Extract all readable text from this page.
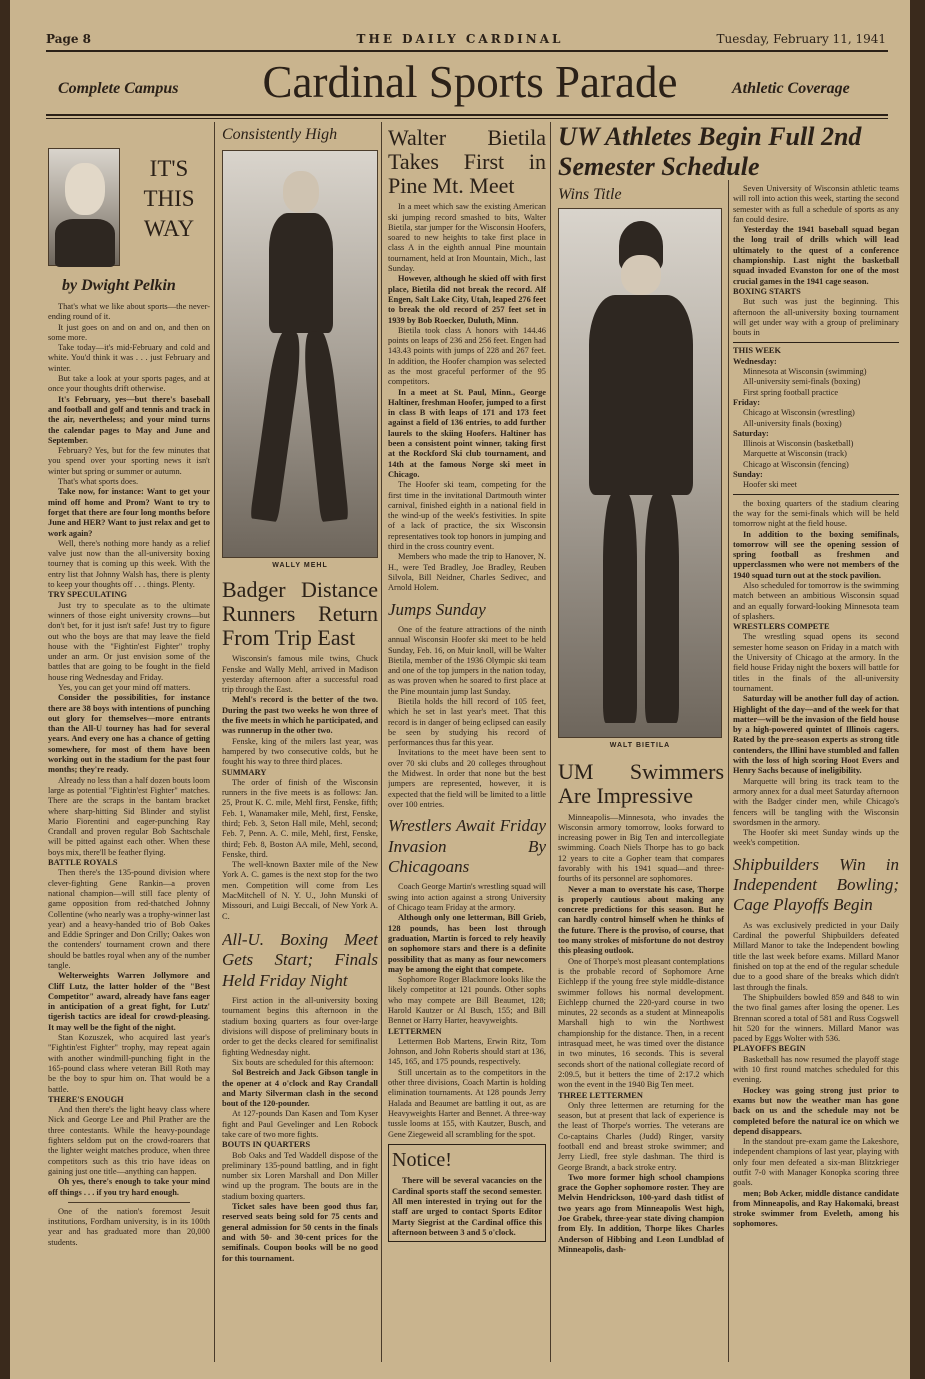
Page 8	THE DAILY CARDINAL	Tuesday, February 11, 1941
Complete Campus	Cardinal Sports Parade	Athletic Coverage
IT'S
THIS
WAY
by Dwight Pelkin

That's what we like about sports—the never-ending round of it.

It just goes on and on and on, and then on some more.

Take today—it's mid-February and cold and white. You'd think it was . . . just February and winter.

But take a look at your sports pages, and at once your thoughts drift otherwise.

It's February, yes—but there's baseball and football and golf and tennis and track in the air, nevertheless; and your mind turns the calendar pages to May and June and September.

February? Yes, but for the few minutes that you spend over your sporting news it isn't winter but spring or summer or autumn.

That's what sports does.

Take now, for instance: Want to get your mind off home and Prom? Want to try to forget that there are four long months before June and HER? Want to just relax and get to work again?

Well, there's nothing more handy as a relief valve just now than the all-university boxing tourney that is coming up this week. With the entry list that Johnny Walsh has, there is plenty to keep your thoughts off . . . things. Plenty.

TRY SPECULATING

Just try to speculate as to the ultimate winners of those eight university crowns—but don't bet, for it just isn't safe! Just try to figure out who the boys are that may leave the field house with the "Fightin'est Fighter" trophy under an arm. Or just envision some of the battles that are going to be fought in the field house ring Wednesday and Friday.

Yes, you can get your mind off matters.

Consider the possibilities, for instance there are 38 boys with intentions of punching out glory for themselves—more entrants than the All-U tourney has had for several years. And every one has a chance of getting somewhere, for most of them have been working out in the stadium for the past four months; they're ready.

Already no less than a half dozen bouts loom large as potential "Fightin'est Fighter" matches. There are the scraps in the bantam bracket where sharp-hitting Sid Blinder and stylist Mario Fiorentini and eager-punching Ray Crandall and proven regular Bob Sachtschale will be pitted against each other. When these boys mix, there'll be feather flying.

BATTLE ROYALS

Then there's the 135-pound division where clever-fighting Gene Rankin—a proven national champion—will still face plenty of game opposition from red-thatched Johnny Collentine (who nearly was a trophy-winner last year) and a heavy-handed trio of Bob Oakes and Eddie Springer and Don Crilly; Oakes won the contenders' tournament crown and there should be battles royal when any of the number tangle.

Welterweights Warren Jollymore and Cliff Lutz, the latter holder of the "Best Competitor" award, already have fans eager in anticipation of a great fight, for Lutz' tigerish tactics are ideal for crowd-pleasing. It may well be the fight of the night.

Stan Kozuszek, who acquired last year's "Fightin'est Fighter" trophy, may repeat again with another windmill-punching fight in the 165-pound class where veteran Bill Roth may be the boy to spur him on. That would be a battle.

THERE'S ENOUGH

And then there's the light heavy class where Nick and George Lee and Phil Prather are the three contestants. While the heavy-poundage fighters seldom put on the crowd-roarers that the lighter weight matches produce, when three competitors such as this trio have ideas on gaining just one title—anything can happen.

Oh yes, there's enough to take your mind off things . . . if you try hard enough.

One of the nation's foremost Jesuit institutions, Fordham university, is in its 100th year and has graduated more than 20,000 students.

Consistently High
WALLY MEHL
Badger Distance Runners Return From Trip East

Wisconsin's famous mile twins, Chuck Fenske and Wally Mehl, arrived in Madison yesterday afternoon after a successful road trip through the East.

Mehl's record is the better of the two. During the past two weeks he won three of the five meets in which he participated, and was runnerup in the other two.

Fenske, king of the milers last year, was hampered by two consecutive colds, but he fought his way to three third places.

SUMMARY

The order of finish of the Wisconsin runners in the five meets is as follows: Jan. 25, Prout K. C. mile, Mehl first, Fenske, fifth; Feb. 1, Wanamaker mile, Mehl, first, Fenske, third; Feb. 3, Seton Hall mile, Mehl, second; Feb. 7, Penn. A. C. mile, Mehl, first, Fenske, third; Feb. 8, Boston AA mile, Mehl, second, Fenske, third.

The well-known Baxter mile of the New York A. C. games is the next stop for the two men. Competition will come from Les MacMitchell of N. Y. U., John Munski of Missouri, and Luigi Beccali, of New York A. C.

All-U. Boxing Meet Gets Start; Finals Held Friday Night

First action in the all-university boxing tournament begins this afternoon in the stadium boxing quarters as four over-large divisions will dispose of preliminary bouts in order to get the decks cleared for semifinalist fighting Wednesday night.

Six bouts are scheduled for this afternoon:

Sol Bestreich and Jack Gibson tangle in the opener at 4 o'clock and Ray Crandall and Marty Silverman clash in the second bout of the 120-pounder.

At 127-pounds Dan Kasen and Tom Kyser fight and Paul Gevelinger and Len Robock take care of two more fights.

BOUTS IN QUARTERS

Bob Oaks and Ted Waddell dispose of the preliminary 135-pound battling, and in fight number six Loren Marshall and Don Miller wind up the program. The bouts are in the stadium boxing quarters.

Ticket sales have been good thus far, reserved seats being sold for 75 cents and general admission for 50 cents in the finals and with 50- and 30-cent prices for the semifinals. Coupon books will be no good for this tournament.

Walter Bietila Takes First in Pine Mt. Meet

In a meet which saw the existing American ski jumping record smashed to bits, Walter Bietila, star jumper for the Wisconsin Hoofers, soared to new heights to take first place in class A in the eighth annual Pine mountain tournament, held at Iron Mountain, Mich., last Sunday.

However, although he skied off with first place, Bietila did not break the record. Alf Engen, Salt Lake City, Utah, leaped 276 feet to break the old record of 257 feet set in 1939 by Bob Roecker, Duluth, Minn.

Bietila took class A honors with 144.46 points on leaps of 236 and 256 feet. Engen had 143.43 points with jumps of 228 and 267 feet. In addition, the Hoofer champion was selected as the most graceful performer of the 95 competitors.

In a meet at St. Paul, Minn., George Haltiner, freshman Hoofer, jumped to a first in class B with leaps of 171 and 173 feet against a field of 136 entries, to add further laurels to the skiing Hoofers. Haltiner has been a consistent point winner, taking first at the Rockford Ski club tournament, and 14th at the famous Norge ski meet in Chicago.

The Hoofer ski team, competing for the first time in the invitational Dartmouth winter carnival, finished eighth in a national field in the wind-up of the week's festivities. In spite of a lack of practice, the six Wisconsin representatives took top honors in jumping and third in the cross country event.

Members who made the trip to Hanover, N. H., were Ted Bradley, Joe Bradley, Reuben Silvola, Bill Neidner, Charles Sedivec, and Arnold Holem.

Jumps Sunday

One of the feature attractions of the ninth annual Wisconsin Hoofer ski meet to be held Sunday, Feb. 16, on Muir knoll, will be Walter Bietila, member of the 1936 Olympic ski team and one of the top jumpers in the nation today, as was proven when he soared to first place at the Pine mountain jump last Sunday.

Bietila holds the hill record of 105 feet, which he set in last year's meet. That this record is in danger of being eclipsed can easily be seen by studying his record of performances thus far this year.

Invitations to the meet have been sent to over 70 ski clubs and 20 colleges throughout the Midwest. In order that none but the best jumpers are represented, however, it is expected that the field will be limited to a little over 100 entries.

Wrestlers Await Friday Invasion By Chicagoans

Coach George Martin's wrestling squad will swing into action against a strong University of Chicago team Friday at the armory.

Although only one letterman, Bill Grieb, 128 pounds, has been lost through graduation, Martin is forced to rely heavily on sophomore stars and there is a definite possibility that as many as four newcomers may be among the eight that compete.

Sophomore Roger Blackmore looks like the likely competitor at 121 pounds. Other sophs who may compete are Bill Beaumet, 128; Harold Kautzer or Al Busch, 155; and Bill Bennet or Harry Harter, heavyweights.

LETTERMEN

Lettermen Bob Martens, Erwin Ritz, Tom Johnson, and John Roberts should start at 136, 145, 165, and 175 pounds, respectively.

Still uncertain as to the competitors in the other three divisions, Coach Martin is holding elimination tournaments. At 128 pounds Jerry Halada and Beaumet are battling it out, as are Heavyweights Harter and Bennet. A three-way tussle looms at 155, with Kautzer, Busch, and Gene Ziegeweid all scrambling for the spot.

Notice!

There will be several vacancies on the Cardinal sports staff the second semester. All men interested in trying out for the staff are urged to contact Sports Editor Marty Siegrist at the Cardinal office this afternoon between 3 and 5 o'clock.

UW Athletes Begin Full 2nd Semester Schedule
Wins Title
WALT BIETILA
UM Swimmers Are Impressive

Minneapolis—Minnesota, who invades the Wisconsin armory tomorrow, looks forward to increasing power in Big Ten and intercollegiate swimming. Coach Niels Thorpe has to go back 12 years to cite a Gopher team that compares favorably with his 1941 squad—and three-fourths of its personnel are sophomores.

Never a man to overstate his case, Thorpe is properly cautious about making any concrete predictions for this season. But he can hardly control himself when he thinks of the future. There is the proviso, of course, that too many strokes of misfortune do not destroy this pleasing outlook.

One of Thorpe's most pleasant contemplations is the probable record of Sophomore Arne Eichlepp if the young free style middle-distance swimmer follows his normal development. Eichlepp churned the 220-yard course in two minutes, 22 seconds as a student at Minneapolis Marshall high to win the Northwest championship for the distance. Then, in a recent intrasquad meet, he was timed over the distance in two minutes, 16 seconds. This is several seconds short of the national collegiate record of 2:09.5, but it betters the time of 2:17.2 which won the event in the 1940 Big Ten meet.

THREE LETTERMEN

Only three lettermen are returning for the season, but at present that lack of experience is the least of Thorpe's worries. The veterans are Co-captains Charles (Judd) Ringer, varsity football end and breast stroke swimmer; and Jerry Liedl, free style dashman. The third is George Brandt, a back stroke entry.

Two more former high school champions grace the Gopher sophomore roster. They are Melvin Hendrickson, 100-yard dash titlist of two years ago from Minneapolis West high, Joe Grabek, three-year state diving champion from Ely. In addition, Thorpe likes Charles Anderson of Hibbing and Leon Lundblad of Minneapolis, dash-

Seven University of Wisconsin athletic teams will roll into action this week, starting the second semester with as full a schedule of sports as any fan could desire.

Yesterday the 1941 baseball squad began the long trail of drills which will lead ultimately to the quest of a conference championship. Last night the basketball squad invaded Evanston for one of the most crucial games in the 1941 cage season.

BOXING STARTS

But such was just the beginning. This afternoon the all-university boxing tournament will get under way with a group of preliminary bouts in

THIS WEEK
Wednesday:
Minnesota at Wisconsin (swimming)
All-university semi-finals (boxing)
First spring football practice
Friday:
Chicago at Wisconsin (wrestling)
All-university finals (boxing)
Saturday:
Illinois at Wisconsin (basketball)
Marquette at Wisconsin (track)
Chicago at Wisconsin (fencing)
Sunday:
Hoofer ski meet

the boxing quarters of the stadium clearing the way for the semi-finals which will be held tomorrow night at the field house.

In addition to the boxing semifinals, tomorrow will see the opening session of spring football as freshmen and upperclassmen who were not members of the 1940 squad turn out at the stock pavilion.

Also scheduled for tomorrow is the swimming match between an ambitious Wisconsin squad and an equally forward-looking Minnesota team of splashers.

WRESTLERS COMPETE

The wrestling squad opens its second semester home season on Friday in a match with the University of Chicago at the armory. In the field house Friday night the boxers will battle for titles in the finals of the all-university tournament.

Saturday will be another full day of action. Highlight of the day—and of the week for that matter—will be the invasion of the field house by a high-powered quintet of Illinois cagers. Rated by the pre-season experts as strong title contenders, the Illini have stumbled and fallen with the loss of high scoring Hoot Evers and Henry Sachs because of ineligibility.

Marquette will bring its track team to the armory annex for a dual meet Saturday afternoon with the Badger cinder men, while Chicago's fencers will be tangling with the Wisconsin swordsmen in the armory.

The Hoofer ski meet Sunday winds up the week's competition.

Shipbuilders Win in Independent Bowling; Cage Playoffs Begin

As was exclusively predicted in your Daily Cardinal the powerful Shipbuilders defeated Millard Manor to take the Independent bowling title the last week before exams. Millard Manor finished on top at the end of the regular schedule due to a good share of the breaks which didn't last through the finals.

The Shipbuilders bowled 859 and 848 to win the two final games after losing the opener. Les Brennan scored a total of 581 and Russ Cogswell hit 520 for the winners. Millard Manor was paced by Eggs Wolter with 536.

PLAYOFFS BEGIN

Basketball has now resumed the playoff stage with 10 first round matches scheduled for this evening.

Hockey was going strong just prior to exams but now the weather man has gone back on us and the schedule may not be completed before the natural ice on which we depend disappears.

In the standout pre-exam game the Lakeshore, independent champions of last year, playing with only four men defeated a six-man Blitzkrieger outfit 7-0 with Manager Konopka scoring three goals.

men; Bob Acker, middle distance candidate from Minneapolis, and Ray Hakomaki, breast stroke swimmer from Eveleth, among his sophomores.
